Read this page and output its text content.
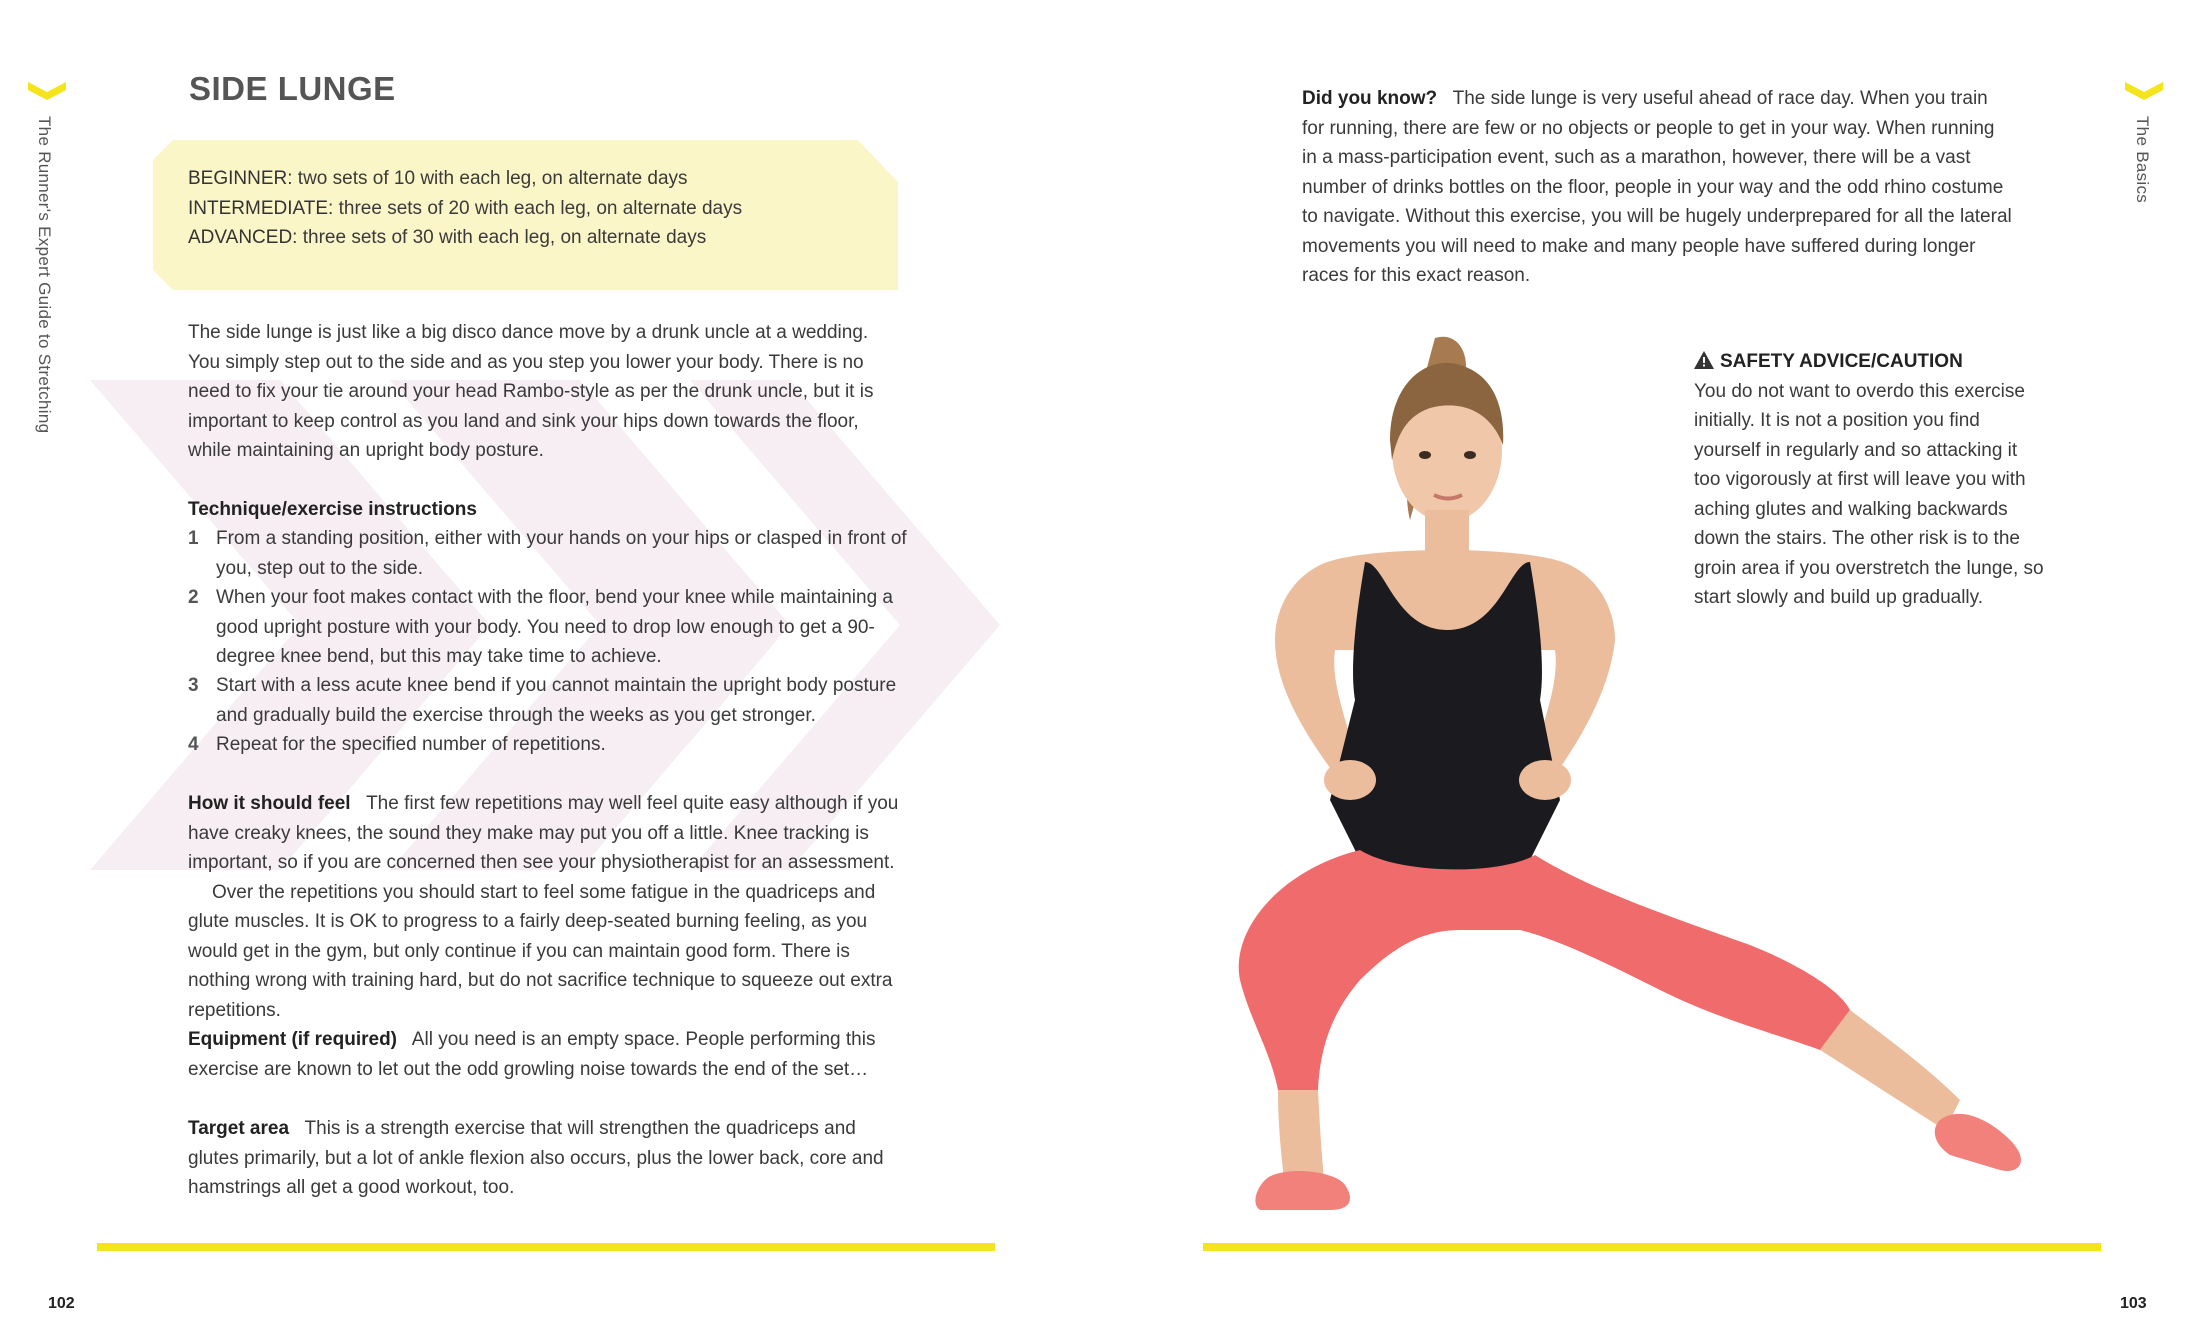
The Runner's Expert Guide to Stretching
SIDE LUNGE
BEGINNER: two sets of 10 with each leg, on alternate days
INTERMEDIATE: three sets of 20 with each leg, on alternate days
ADVANCED: three sets of 30 with each leg, on alternate days
The side lunge is just like a big disco dance move by a drunk uncle at a wedding. You simply step out to the side and as you step you lower your body. There is no need to fix your tie around your head Rambo-style as per the drunk uncle, but it is important to keep control as you land and sink your hips down towards the floor, while maintaining an upright body posture.
Technique/exercise instructions
1 From a standing position, either with your hands on your hips or clasped in front of you, step out to the side.
2 When your foot makes contact with the floor, bend your knee while maintaining a good upright posture with your body. You need to drop low enough to get a 90-degree knee bend, but this may take time to achieve.
3 Start with a less acute knee bend if you cannot maintain the upright body posture and gradually build the exercise through the weeks as you get stronger.
4 Repeat for the specified number of repetitions.
How it should feel The first few repetitions may well feel quite easy although if you have creaky knees, the sound they make may put you off a little. Knee tracking is important, so if you are concerned then see your physiotherapist for an assessment.
Over the repetitions you should start to feel some fatigue in the quadriceps and glute muscles. It is OK to progress to a fairly deep-seated burning feeling, as you would get in the gym, but only continue if you can maintain good form. There is nothing wrong with training hard, but do not sacrifice technique to squeeze out extra repetitions.
Equipment (if required) All you need is an empty space. People performing this exercise are known to let out the odd growling noise towards the end of the set…
Target area This is a strength exercise that will strengthen the quadriceps and glutes primarily, but a lot of ankle flexion also occurs, plus the lower back, core and hamstrings all get a good workout, too.
102
The Basics
Did you know? The side lunge is very useful ahead of race day. When you train for running, there are few or no objects or people to get in your way. When running in a mass-participation event, such as a marathon, however, there will be a vast number of drinks bottles on the floor, people in your way and the odd rhino costume to navigate. Without this exercise, you will be hugely underprepared for all the lateral movements you will need to make and many people have suffered during longer races for this exact reason.
SAFETY ADVICE/CAUTION
You do not want to overdo this exercise initially. It is not a position you find yourself in regularly and so attacking it too vigorously at first will leave you with aching glutes and walking backwards down the stairs. The other risk is to the groin area if you overstretch the lunge, so start slowly and build up gradually.
103
